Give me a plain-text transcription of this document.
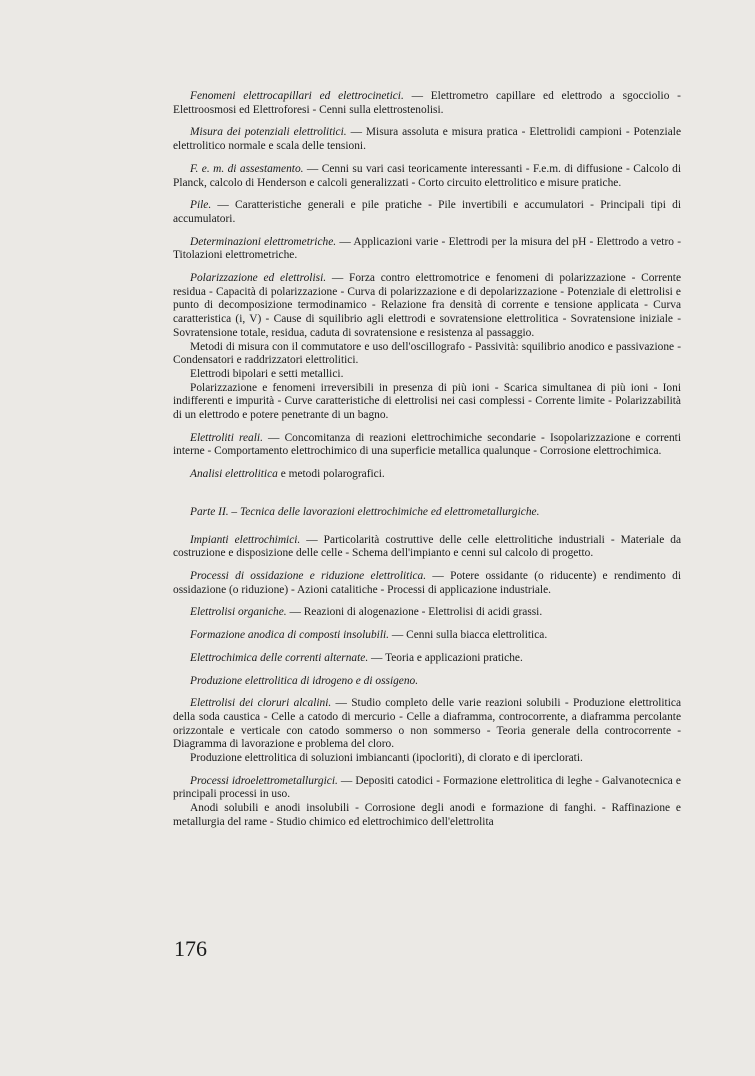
Fenomeni elettrocapillari ed elettrocinetici. — Elettrometro capillare ed elettrodo a sgocciolio - Elettroosmosi ed Elettroforesi - Cenni sulla elettrostenolisi.

Misura dei potenziali elettrolitici. — Misura assoluta e misura pratica - Elettrolidi campioni - Potenziale elettrolitico normale e scala delle tensioni.

F. e. m. di assestamento. — Cenni su vari casi teoricamente interessanti - F.e.m. di diffusione - Calcolo di Planck, calcolo di Henderson e calcoli generalizzati - Corto circuito elettrolitico e misure pratiche.

Pile. — Caratteristiche generali e pile pratiche - Pile invertibili e accumulatori - Principali tipi di accumulatori.

Determinazioni elettrometriche. — Applicazioni varie - Elettrodi per la misura del pH - Elettrodo a vetro - Titolazioni elettrometriche.

Polarizzazione ed elettrolisi. — Forza contro elettromotrice e fenomeni di polarizzazione - Corrente residua - Capacità di polarizzazione - Curva di polarizzazione e di depolarizzazione - Potenziale di elettrolisi e punto di decomposizione termodinamico - Relazione fra densità di corrente e tensione applicata - Curva caratteristica (i, V) - Cause di squilibrio agli elettrodi e sovratensione elettrolitica - Sovratensione iniziale - Sovratensione totale, residua, caduta di sovratensione e resistenza al passaggio.

Metodi di misura con il commutatore e uso dell'oscillografo - Passività: squilibrio anodico e passivazione - Condensatori e raddrizzatori elettrolitici.

Elettrodi bipolari e setti metallici.

Polarizzazione e fenomeni irreversibili in presenza di più ioni - Scarica simultanea di più ioni - Ioni indifferenti e impurità - Curve caratteristiche di elettrolisi nei casi complessi - Corrente limite - Polarizzabilità di un elettrodo e potere penetrante di un bagno.

Elettroliti reali. — Concomitanza di reazioni elettrochimiche secondarie - Isopolarizzazione e correnti interne - Comportamento elettrochimico di una superficie metallica qualunque - Corrosione elettrochimica.

Analisi elettrolitica e metodi polarografici.

Parte II. – Tecnica delle lavorazioni elettrochimiche ed elettrometallurgiche.

Impianti elettrochimici. — Particolarità costruttive delle celle elettrolitiche industriali - Materiale da costruzione e disposizione delle celle - Schema dell'impianto e cenni sul calcolo di progetto.

Processi di ossidazione e riduzione elettrolitica. — Potere ossidante (o riducente) e rendimento di ossidazione (o riduzione) - Azioni catalitiche - Processi di applicazione industriale.

Elettrolisi organiche. — Reazioni di alogenazione - Elettrolisi di acidi grassi.

Formazione anodica di composti insolubili. — Cenni sulla biacca elettrolitica.

Elettrochimica delle correnti alternate. — Teoria e applicazioni pratiche.

Produzione elettrolitica di idrogeno e di ossigeno.

Elettrolisi dei cloruri alcalini. — Studio completo delle varie reazioni solubili - Produzione elettrolitica della soda caustica - Celle a catodo di mercurio - Celle a diaframma, controcorrente, a diaframma percolante orizzontale e verticale con catodo sommerso o non sommerso - Teoria generale della controcorrente - Diagramma di lavorazione e problema del cloro.

Produzione elettrolitica di soluzioni imbiancanti (ipocloriti), di clorato e di iperclorati.

Processi idroelettrometallurgici. — Depositi catodici - Formazione elettrolitica di leghe - Galvanotecnica e principali processi in uso.

Anodi solubili e anodi insolubili - Corrosione degli anodi e formazione di fanghi. - Raffinazione e metallurgia del rame - Studio chimico ed elettrochimico dell'elettrolita

176
